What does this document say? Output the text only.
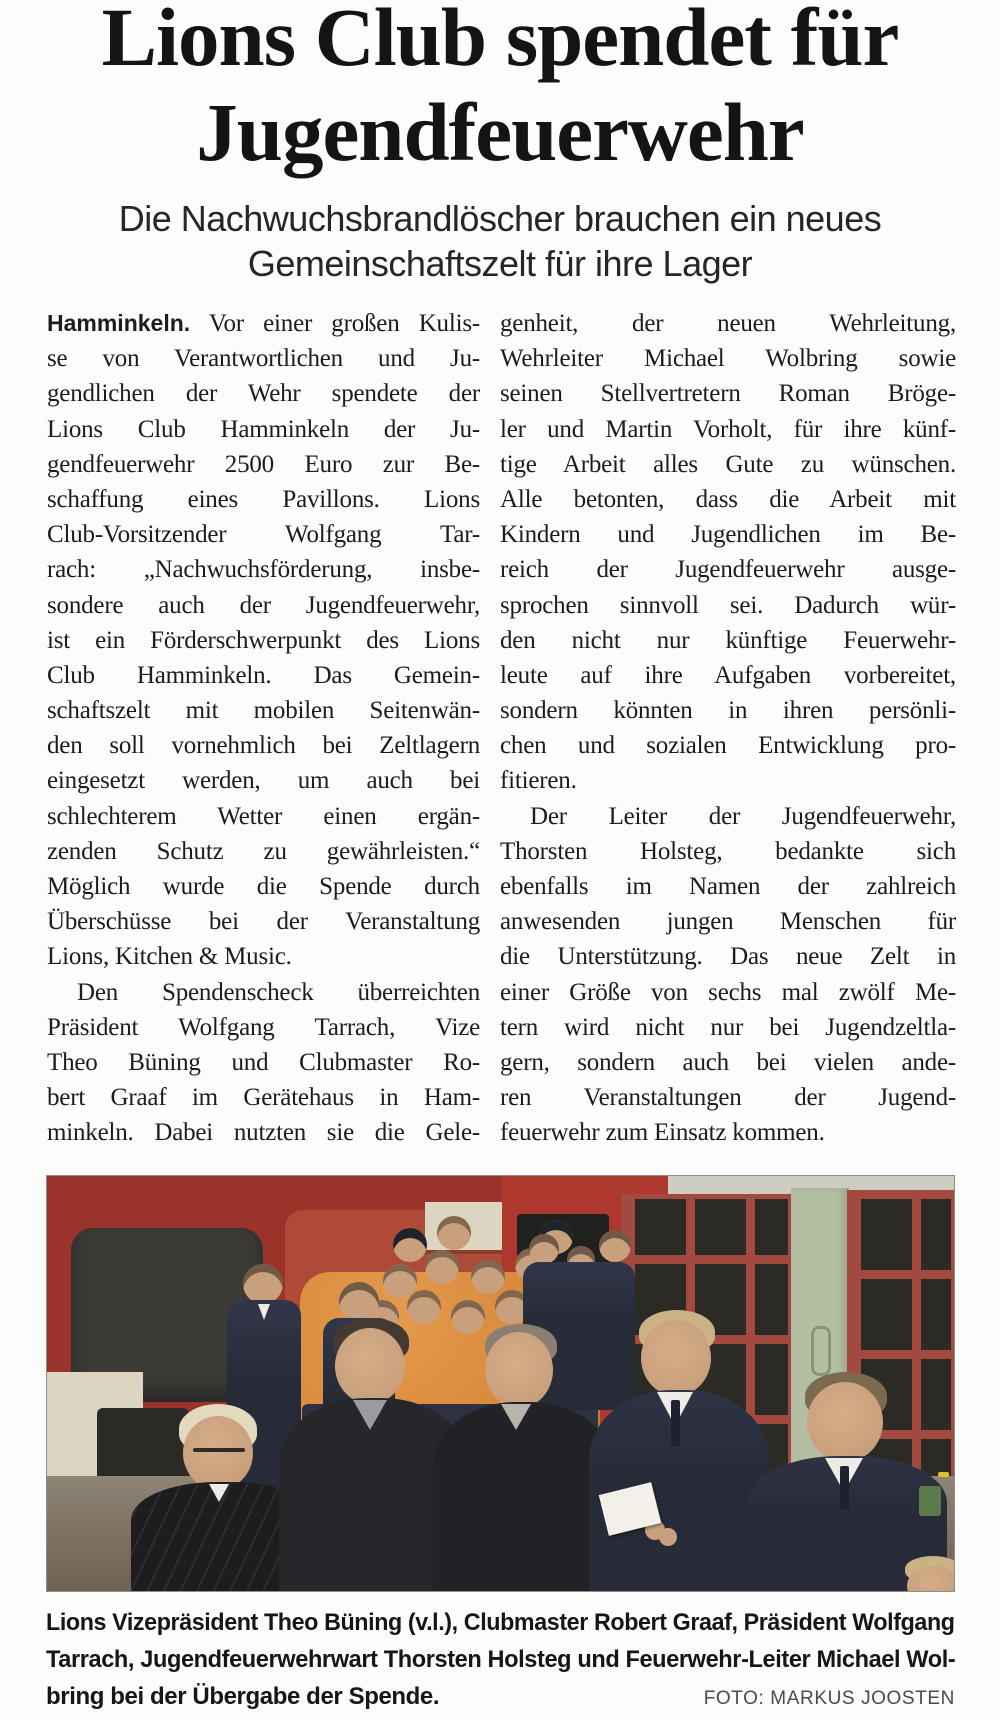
Lions Club spendet für
Jugendfeuerwehr
Die Nachwuchsbrandlöscher brauchen ein neues
Gemeinschaftszelt für ihre Lager
Hamminkeln. Vor einer großen Kulis-
se von Verantwortlichen und Ju-
gendlichen der Wehr spendete der
Lions Club Hamminkeln der Ju-
gendfeuerwehr 2500 Euro zur Be-
schaffung eines Pavillons. Lions
Club-Vorsitzender Wolfgang Tar-
rach: „Nachwuchsförderung, insbe-
sondere auch der Jugendfeuerwehr,
ist ein Förderschwerpunkt des Lions
Club Hamminkeln. Das Gemein-
schaftszelt mit mobilen Seitenwän-
den soll vornehmlich bei Zeltlagern
eingesetzt werden, um auch bei
schlechterem Wetter einen ergän-
zenden Schutz zu gewährleisten.“
Möglich wurde die Spende durch
Überschüsse bei der Veranstaltung
Lions, Kitchen & Music.
Den Spendenscheck überreichten
Präsident Wolfgang Tarrach, Vize
Theo Büning und Clubmaster Ro-
bert Graaf im Gerätehaus in Ham-
minkeln. Dabei nutzten sie die Gele-
genheit, der neuen Wehrleitung,
Wehrleiter Michael Wolbring sowie
seinen Stellvertretern Roman Bröge-
ler und Martin Vorholt, für ihre künf-
tige Arbeit alles Gute zu wünschen.
Alle betonten, dass die Arbeit mit
Kindern und Jugendlichen im Be-
reich der Jugendfeuerwehr ausge-
sprochen sinnvoll sei. Dadurch wür-
den nicht nur künftige Feuerwehr-
leute auf ihre Aufgaben vorbereitet,
sondern könnten in ihren persönli-
chen und sozialen Entwicklung pro-
fitieren.
Der Leiter der Jugendfeuerwehr,
Thorsten Holsteg, bedankte sich
ebenfalls im Namen der zahlreich
anwesenden jungen Menschen für
die Unterstützung. Das neue Zelt in
einer Größe von sechs mal zwölf Me-
tern wird nicht nur bei Jugendzeltla-
gern, sondern auch bei vielen ande-
ren Veranstaltungen der Jugend-
feuerwehr zum Einsatz kommen.
Lions Vizepräsident Theo Büning (v.l.), Clubmaster Robert Graaf, Präsident Wolfgang
Tarrach, Jugendfeuerwehrwart Thorsten Holsteg und Feuerwehr-Leiter Michael Wol-
bring bei der Übergabe der Spende.	FOTO: MARKUS JOOSTEN
